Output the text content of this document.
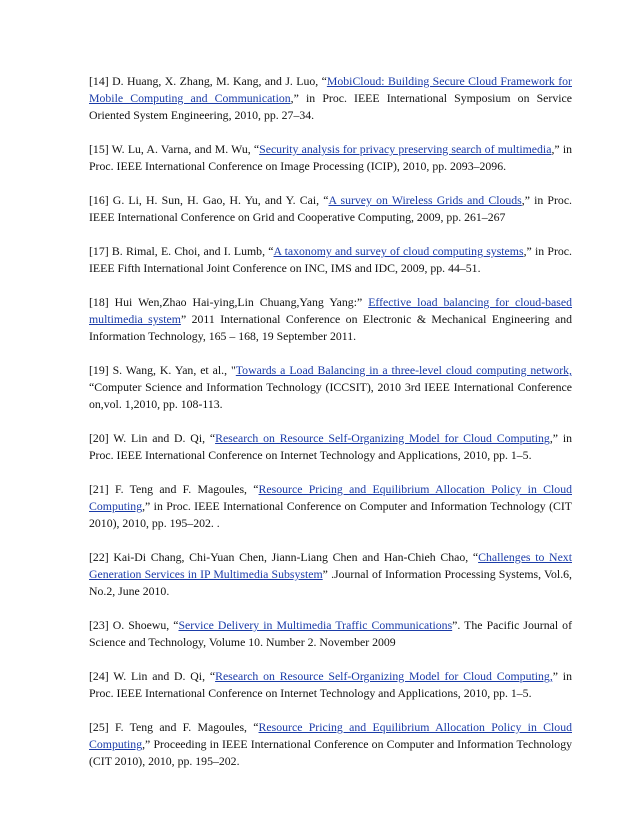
[14] D. Huang, X. Zhang, M. Kang, and J. Luo, “MobiCloud: Building Secure Cloud Framework for Mobile Computing and Communication,” in Proc. IEEE International Symposium on Service Oriented System Engineering, 2010, pp. 27–34.

[15] W. Lu, A. Varna, and M. Wu, “Security analysis for privacy preserving search of multimedia,” in Proc. IEEE International Conference on Image Processing (ICIP), 2010, pp. 2093–2096.

[16] G. Li, H. Sun, H. Gao, H. Yu, and Y. Cai, “A survey on Wireless Grids and Clouds,” in Proc. IEEE International Conference on Grid and Cooperative Computing, 2009, pp. 261–267

[17] B. Rimal, E. Choi, and I. Lumb, “A taxonomy and survey of cloud computing systems,” in Proc. IEEE Fifth International Joint Conference on INC, IMS and IDC, 2009, pp. 44–51.

[18] Hui Wen,Zhao Hai-ying,Lin Chuang,Yang Yang:” Effective load balancing for cloud-based multimedia system” 2011 International Conference on Electronic & Mechanical Engineering and Information Technology, 165 – 168, 19 September 2011.

[19] S. Wang, K. Yan, et al., "Towards a Load Balancing in a three-level cloud computing network, “Computer Science and Information Technology (ICCSIT), 2010 3rd IEEE International Conference on,vol. 1,2010, pp. 108-113.

[20] W. Lin and D. Qi, “Research on Resource Self-Organizing Model for Cloud Computing,” in Proc. IEEE International Conference on Internet Technology and Applications, 2010, pp. 1–5.

[21] F. Teng and F. Magoules, “Resource Pricing and Equilibrium Allocation Policy in Cloud Computing,” in Proc. IEEE International Conference on Computer and Information Technology (CIT 2010), 2010, pp. 195–202. .

[22] Kai-Di Chang, Chi-Yuan Chen, Jiann-Liang Chen and Han-Chieh Chao, “Challenges to Next Generation Services in IP Multimedia Subsystem” .Journal of Information Processing Systems, Vol.6, No.2, June 2010.

[23] O. Shoewu, “Service Delivery in Multimedia Traffic Communications”. The Pacific Journal of Science and Technology, Volume 10. Number 2. November 2009

[24] W. Lin and D. Qi, “Research on Resource Self-Organizing Model for Cloud Computing,” in Proc. IEEE International Conference on Internet Technology and Applications, 2010, pp. 1–5.

[25] F. Teng and F. Magoules, “Resource Pricing and Equilibrium Allocation Policy in Cloud Computing,” Proceeding in IEEE International Conference on Computer and Information Technology (CIT 2010), 2010, pp. 195–202.
